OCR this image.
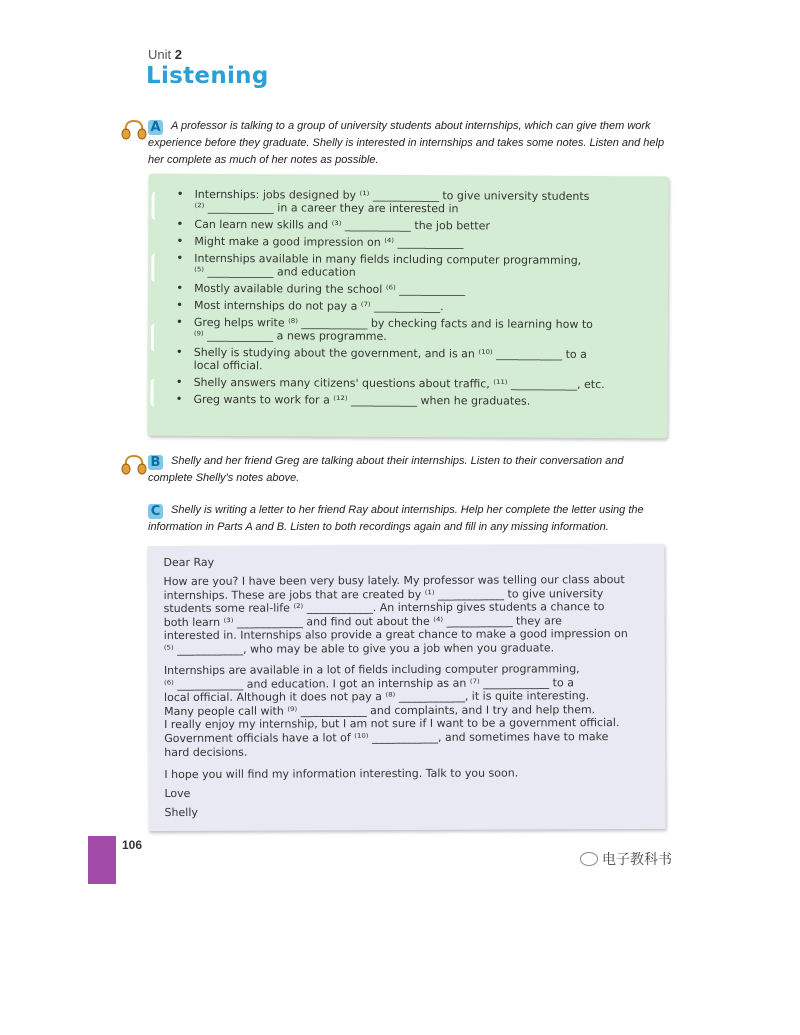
Unit 2
Listening
A A professor is talking to a group of university students about internships, which can give them work experience before they graduate. Shelly is interested in internships and takes some notes. Listen and help her complete as much of her notes as possible.
• Internships: jobs designed by ⁽¹⁾ ____________ to give university students
⁽²⁾ ____________ in a career they are interested in
• Can learn new skills and ⁽³⁾ ____________ the job better
• Might make a good impression on ⁽⁴⁾ ____________
• Internships available in many fields including computer programming,
⁽⁵⁾ ____________ and education
• Mostly available during the school ⁽⁶⁾ ____________
• Most internships do not pay a ⁽⁷⁾ ____________.
• Greg helps write ⁽⁸⁾ ____________ by checking facts and is learning how to
⁽⁹⁾ ____________ a news programme.
• Shelly is studying about the government, and is an ⁽¹⁰⁾ ____________ to a
local official.
• Shelly answers many citizens' questions about traffic, ⁽¹¹⁾ ____________, etc.
• Greg wants to work for a ⁽¹²⁾ ____________ when he graduates.
B Shelly and her friend Greg are talking about their internships. Listen to their conversation and complete Shelly's notes above.
C Shelly is writing a letter to her friend Ray about internships. Help her complete the letter using the information in Parts A and B. Listen to both recordings again and fill in any missing information.
Dear Ray
How are you? I have been very busy lately. My professor was telling our class about
internships. These are jobs that are created by ⁽¹⁾ ____________ to give university
students some real-life ⁽²⁾ ____________. An internship gives students a chance to
both learn ⁽³⁾ ____________ and find out about the ⁽⁴⁾ ____________ they are
interested in. Internships also provide a great chance to make a good impression on
⁽⁵⁾ ____________, who may be able to give you a job when you graduate.
Internships are available in a lot of fields including computer programming,
⁽⁶⁾ ____________ and education. I got an internship as an ⁽⁷⁾ ____________ to a
local official. Although it does not pay a ⁽⁸⁾ ____________, it is quite interesting.
Many people call with ⁽⁹⁾ ____________ and complaints, and I try and help them.
I really enjoy my internship, but I am not sure if I want to be a government official.
Government officials have a lot of ⁽¹⁰⁾ ____________, and sometimes have to make
hard decisions.
I hope you will find my information interesting. Talk to you soon.
Love
Shelly
106
电子教科书
